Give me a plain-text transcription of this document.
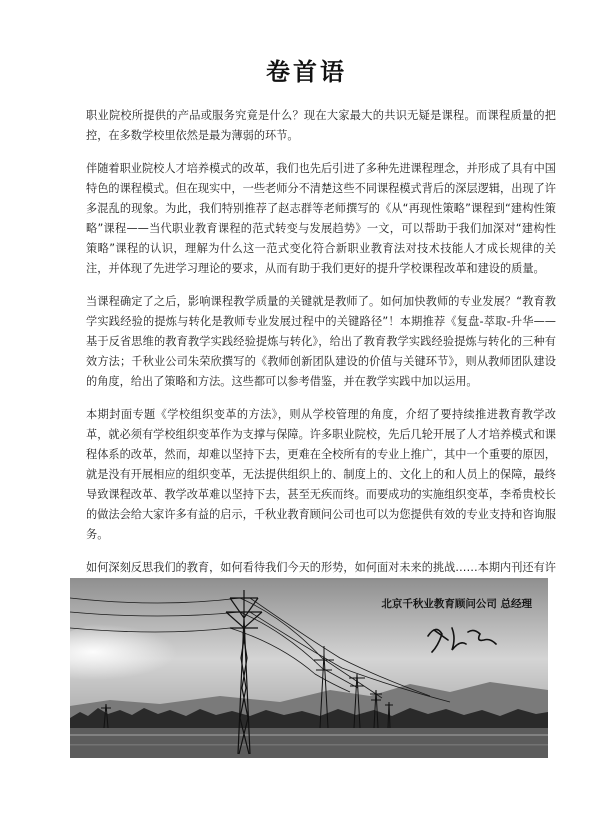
卷首语

职业院校所提供的产品或服务究竟是什么？现在大家最大的共识无疑是课程。而课程质量的把控，在多数学校里依然是最为薄弱的环节。

伴随着职业院校人才培养模式的改革，我们也先后引进了多种先进课程理念，并形成了具有中国特色的课程模式。但在现实中，一些老师分不清楚这些不同课程模式背后的深层逻辑，出现了许多混乱的现象。为此，我们特别推荐了赵志群等老师撰写的《从“再现性策略”课程到“建构性策略”课程——当代职业教育课程的范式转变与发展趋势》一文，可以帮助于我们加深对“建构性策略”课程的认识，理解为什么这一范式变化符合新职业教育法对技术技能人才成长规律的关注，并体现了先进学习理论的要求，从而有助于我们更好的提升学校课程改革和建设的质量。

当课程确定了之后，影响课程教学质量的关键就是教师了。如何加快教师的专业发展？“教育教学实践经验的提炼与转化是教师专业发展过程中的关键路径”！本期推荐《复盘-萃取-升华——基于反省思维的教育教学实践经验提炼与转化》，给出了教育教学实践经验提炼与转化的三种有效方法；千秋业公司朱荣欣撰写的《教师创新团队建设的价值与关键环节》，则从教师团队建设的角度，给出了策略和方法。这些都可以参考借鉴，并在教学实践中加以运用。

本期封面专题《学校组织变革的方法》，则从学校管理的角度，介绍了要持续推进教育教学改革，就必须有学校组织变革作为支撑与保障。许多职业院校，先后几轮开展了人才培养模式和课程体系的改革，然而，却难以坚持下去，更难在全校所有的专业上推广，其中一个重要的原因，就是没有开展相应的组织变革，无法提供组织上的、制度上的、文化上的和人员上的保障，最终导致课程改革、教学改革难以坚持下去，甚至无疾而终。而要成功的实施组织变革，李希贵校长的做法会给大家许多有益的启示，千秋业教育顾问公司也可以为您提供有效的专业支持和咨询服务。

如何深刻反思我们的教育，如何看待我们今天的形势，如何面对未来的挑战……本期内刊还有许

北京千秋业教育顾问公司 总经理
